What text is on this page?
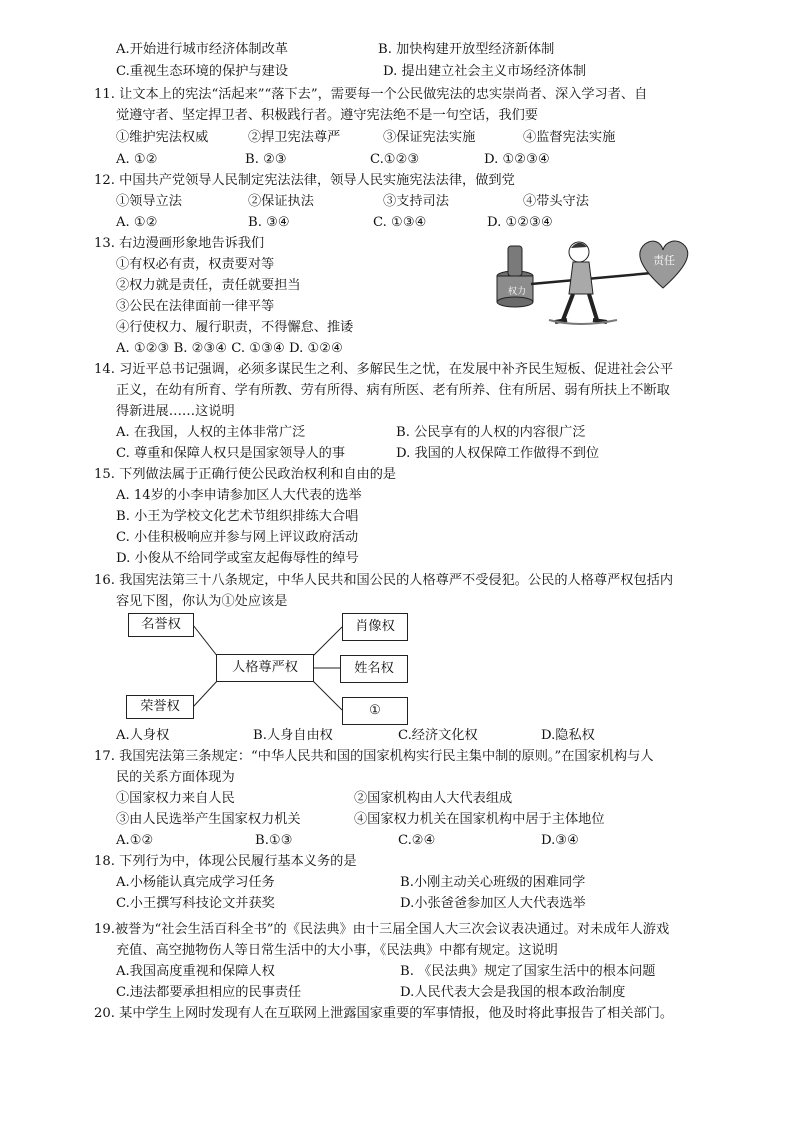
A.开始进行城市经济体制改革	B. 加快构建开放型经济新体制
C.重视生态环境的保护与建设	D. 提出建立社会主义市场经济体制
11. 让文本上的宪法“活起来”“落下去”，需要每一个公民做宪法的忠实崇尚者、深入学习者、自
觉遵守者、坚定捍卫者、积极践行者。遵守宪法绝不是一句空话，我们要
①维护宪法权威	②捍卫宪法尊严	③保证宪法实施	④监督宪法实施
A. ①②	B. ②③	C.①②③	D. ①②③④
12. 中国共产党领导人民制定宪法法律，领导人民实施宪法法律，做到党
①领导立法	②保证执法	③支持司法	④带头守法
A. ①②	B. ③④	C. ①③④	D. ①②③④
13. 右边漫画形象地告诉我们
①有权必有责，权责要对等
②权力就是责任，责任就要担当
③公民在法律面前一律平等
④行使权力、履行职责，不得懈怠、推诿
A. ①②③ B. ②③④ C. ①③④ D. ①②④
权力
责任
14. 习近平总书记强调，必须多谋民生之利、多解民生之忧，在发展中补齐民生短板、促进社会公平
正义，在幼有所育、学有所教、劳有所得、病有所医、老有所养、住有所居、弱有所扶上不断取
得新进展……这说明
A. 在我国，人权的主体非常广泛	B. 公民享有的人权的内容很广泛
C. 尊重和保障人权只是国家领导人的事	D. 我国的人权保障工作做得不到位
15. 下列做法属于正确行使公民政治权利和自由的是
A. 14岁的小李申请参加区人大代表的选举
B. 小王为学校文化艺术节组织排练大合唱
C. 小佳积极响应并参与网上评议政府活动
D. 小俊从不给同学或室友起侮辱性的绰号
16. 我国宪法第三十八条规定，中华人民共和国公民的人格尊严不受侵犯。公民的人格尊严权包括内
容见下图，你认为①处应该是
名誉权
荣誉权
人格尊严权
肖像权
姓名权
①
A.人身权	B.人身自由权	C.经济文化权	D.隐私权
17. 我国宪法第三条规定：“中华人民共和国的国家机构实行民主集中制的原则。”在国家机构与人
民的关系方面体现为
①国家权力来自人民	②国家机构由人大代表组成
③由人民选举产生国家权力机关	④国家权力机关在国家机构中居于主体地位
A.①②	B.①③	C.②④	D.③④
18. 下列行为中，体现公民履行基本义务的是
A.小杨能认真完成学习任务	B.小刚主动关心班级的困难同学
C.小王撰写科技论文并获奖	D.小张爸爸参加区人大代表选举
19.被誉为“社会生活百科全书”的《民法典》由十三届全国人大三次会议表决通过。对未成年人游戏
充值、高空抛物伤人等日常生活中的大小事，《民法典》中都有规定。这说明
A.我国高度重视和保障人权	B. 《民法典》规定了国家生活中的根本问题
C.违法都要承担相应的民事责任	D.人民代表大会是我国的根本政治制度
20. 某中学生上网时发现有人在互联网上泄露国家重要的军事情报，他及时将此事报告了相关部门。
